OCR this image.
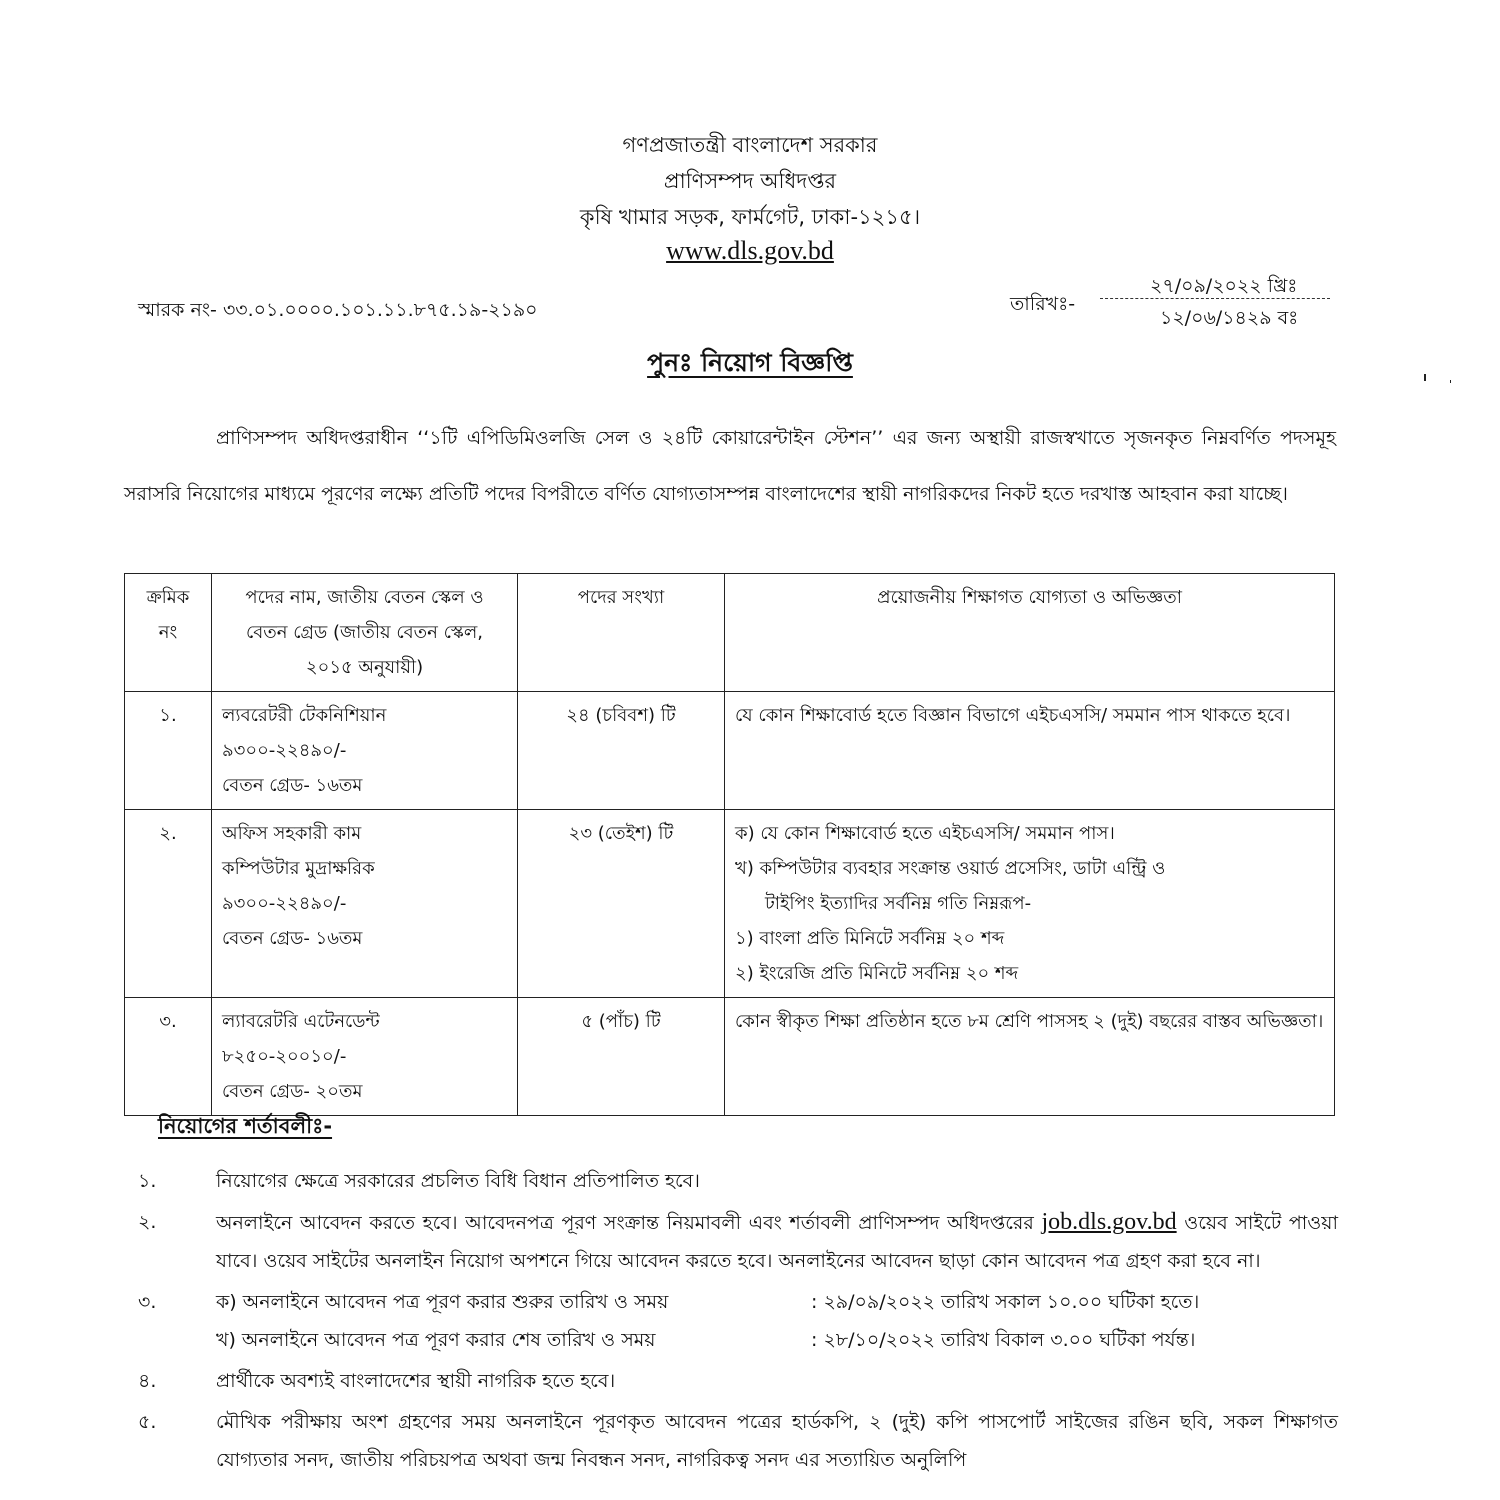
গণপ্রজাতন্ত্রী বাংলাদেশ সরকার
প্রাণিসম্পদ অধিদপ্তর
কৃষি খামার সড়ক, ফার্মগেট, ঢাকা-১২১৫।
www.dls.gov.bd
স্মারক নং- ৩৩.০১.০০০০.১০১.১১.৮৭৫.১৯-২১৯০	তারিখঃ-
২৭/০৯/২০২২ খ্রিঃ
১২/০৬/১৪২৯ বঃ
পুনঃ নিয়োগ বিজ্ঞপ্তি

প্রাণিসম্পদ অধিদপ্তরাধীন ‘‘১টি এপিডিমিওলজি সেল ও ২৪টি কোয়ারেন্টাইন স্টেশন’’ এর জন্য অস্থায়ী রাজস্বখাতে সৃজনকৃত নিম্নবর্ণিত পদসমূহ সরাসরি নিয়োগের মাধ্যমে পূরণের লক্ষ্যে প্রতিটি পদের বিপরীতে বর্ণিত যোগ্যতাসম্পন্ন বাংলাদেশের স্থায়ী নাগরিকদের নিকট হতে দরখাস্ত আহবান করা যাচ্ছে।

ক্রমিক
নং	পদের নাম, জাতীয় বেতন স্কেল ও বেতন গ্রেড (জাতীয় বেতন স্কেল, ২০১৫ অনুযায়ী)	পদের সংখ্যা	প্রয়োজনীয় শিক্ষাগত যোগ্যতা ও অভিজ্ঞতা
১.	ল্যবরেটরী টেকনিশিয়ান
৯৩০০-২২৪৯০/-
বেতন গ্রেড- ১৬তম	২৪ (চবিবশ) টি	যে কোন শিক্ষাবোর্ড হতে বিজ্ঞান বিভাগে এইচএসসি/ সমমান পাস থাকতে হবে।
২.	অফিস সহকারী কাম
কম্পিউটার মুদ্রাক্ষরিক
৯৩০০-২২৪৯০/-
বেতন গ্রেড- ১৬তম
	২৩ (তেইশ) টি	ক) যে কোন শিক্ষাবোর্ড হতে এইচএসসি/ সমমান পাস।
খ) কম্পিউটার ব্যবহার সংক্রান্ত ওয়ার্ড প্রসেসিং, ডাটা এন্ট্রি ও
টাইপিং ইত্যাদির সর্বনিম্ন গতি নিম্নরূপ-
১) বাংলা প্রতি মিনিটে সর্বনিম্ন ২০ শব্দ
২) ইংরেজি প্রতি মিনিটে সর্বনিম্ন ২০ শব্দ

৩.	ল্যাবরেটরি এটেনডেন্ট
৮২৫০-২০০১০/-
বেতন গ্রেড- ২০তম	৫ (পাঁচ) টি	কোন স্বীকৃত শিক্ষা প্রতিষ্ঠান হতে ৮ম শ্রেণি পাসসহ ২ (দুই) বছরের বাস্তব অভিজ্ঞতা।
নিয়োগের শর্তাবলীঃ-
১.	নিয়োগের ক্ষেত্রে সরকারের প্রচলিত বিধি বিধান প্রতিপালিত হবে।
২.	অনলাইনে আবেদন করতে হবে। আবেদনপত্র পূরণ সংক্রান্ত নিয়মাবলী এবং শর্তাবলী প্রাণিসম্পদ অধিদপ্তরের job.dls.gov.bd ওয়েব সাইটে পাওয়া যাবে। ওয়েব সাইটের অনলাইন নিয়োগ অপশনে গিয়ে আবেদন করতে হবে। অনলাইনের আবেদন ছাড়া কোন আবেদন পত্র গ্রহণ করা হবে না।
৩.	ক) অনলাইনে আবেদন পত্র পূরণ করার শুরুর তারিখ ও সময়	: ২৯/০৯/২০২২ তারিখ সকাল ১০.০০ ঘটিকা হতে।
খ) অনলাইনে আবেদন পত্র পূরণ করার শেষ তারিখ ও সময়	: ২৮/১০/২০২২ তারিখ বিকাল ৩.০০ ঘটিকা পর্যন্ত।
৪.	প্রার্থীকে অবশ্যই বাংলাদেশের স্থায়ী নাগরিক হতে হবে।
৫.	মৌখিক পরীক্ষায় অংশ গ্রহণের সময় অনলাইনে পূরণকৃত আবেদন পত্রের হার্ডকপি, ২ (দুই) কপি পাসপোর্ট সাইজের রঙিন ছবি, সকল শিক্ষাগত যোগ্যতার সনদ, জাতীয় পরিচয়পত্র অথবা জন্ম নিবন্ধন সনদ, নাগরিকত্ব সনদ এর সত্যায়িত অনুলিপি
